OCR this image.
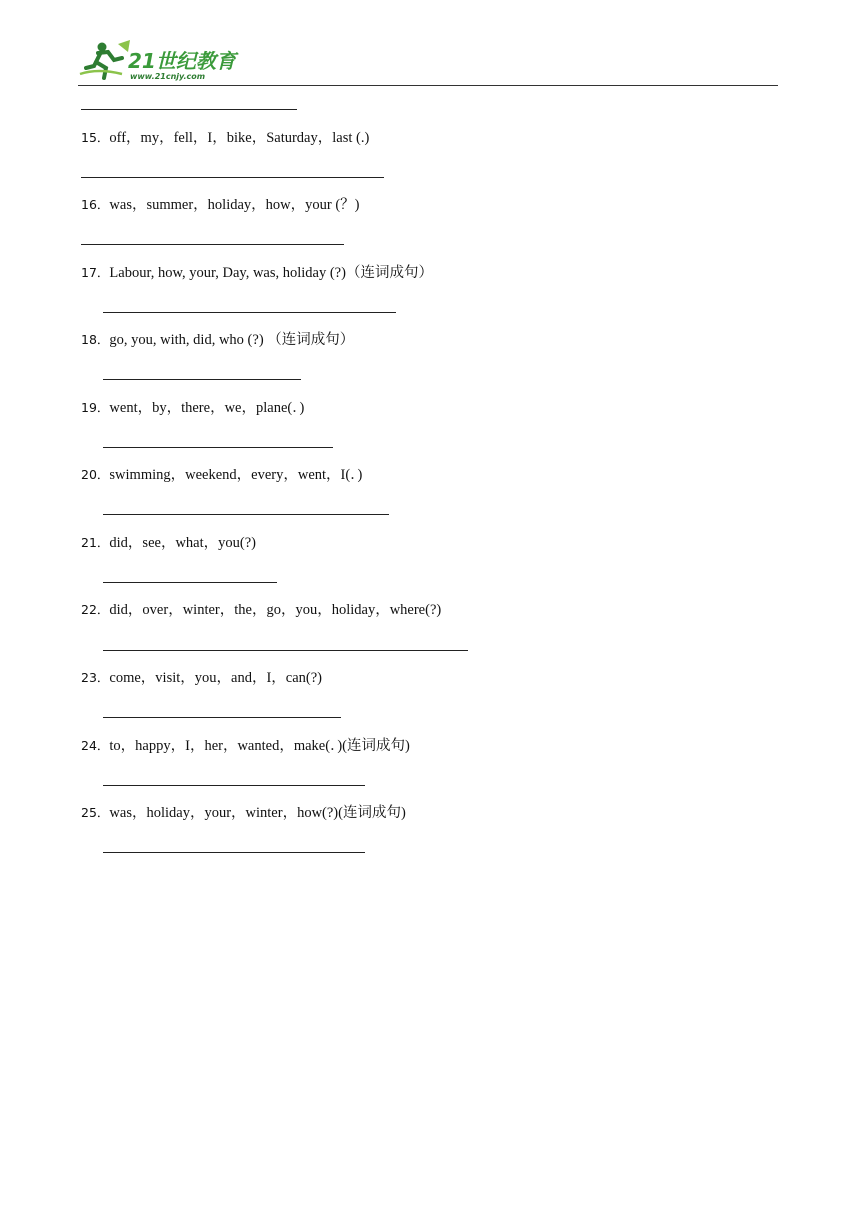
21世纪教育
www.21cnjy.com
15．off，my，fell，I，bike，Saturday，last (.)
16．was，summer，holiday，how，your (？)
17．Labour, how, your, Day, was, holiday (?)（连词成句）
18．go, you, with, did, who (?) （连词成句）
19．went，by，there，we，plane(．)
20．swimming，weekend，every，went，I(．)
21．did，see，what，you(?)
22．did，over，winter，the，go，you，holiday，where(?)
23．come，visit，you，and，I，can(?)
24．to，happy，I，her，wanted，make(．)(连词成句)
25．was，holiday，your，winter，how(?)(连词成句)
